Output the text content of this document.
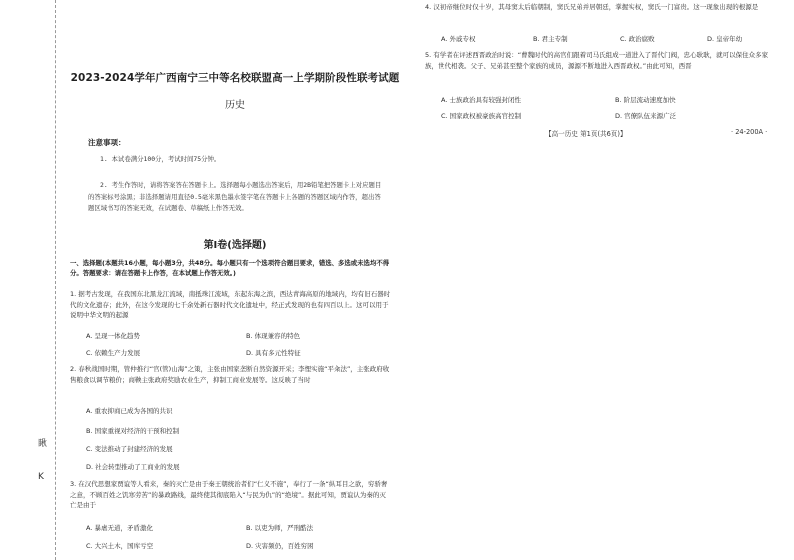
瞅
K
2023-2024学年广西南宁三中等名校联盟高一上学期阶段性联考试题
历史
注意事项：
1. 本试卷满分100分，考试时间75分钟。
2. 考生作答时，请将答案答在答题卡上。选择题每小题选出答案后，用2B铅笔把答题卡上对应题目的答案标号涂黑；非选择题请用直径0.5毫米黑色墨水签字笔在答题卡上各题的答题区域内作答，超出答题区域书写的答案无效，在试题卷、草稿纸上作答无效。
第Ⅰ卷(选择题)
一、选择题(本题共16小题，每小题3分，共48分。每小题只有一个选项符合题目要求，错选、多选或未选均不得分。答题要求：请在答题卡上作答，在本试题上作答无效。)
1. 据考古发现，在我国东北黑龙江流域，南抵珠江流域，东起东海之滨，西达青海高原的地域内，均有旧石器时代的文化遗存；此外，在这今发现的七千余处新石器时代文化遗址中，经正式发现的也有四百以上。这可以用于说明中华文明的起源
A. 呈现一体化趋势	B. 体现兼容的特色
C. 依赖生产力发展	D. 具有多元性特征
2. 春秋战国时期，管仲推行“官(管)山海”之策，主张由国家垄断自然资源开采；李悝实施“平籴法”，主张政府收售粮食以调节粮价；商鞅主张政府奖励农业生产，抑制工商业发展等。这反映了当时
A. 重农抑商已成为各国的共识
B. 国家重视对经济的干预和控制
C. 变法推动了封建经济的发展
D. 社会转型推动了工商业的发展
3. 在汉代思想家贾谊等人看来，秦的灭亡是由于秦王朝统治者们“仁义不施”，奉行了一条“纵耳目之欲，穷骄奢之意，不顾百姓之饥寒劳苦”的暴政路线，最终使其彻底陷入“与民为仇”的“绝境”。据此可知，贾谊认为秦的灭亡是由于
A. 暴虐无道，矛盾激化	B. 以吏为师，严刑酷法
C. 大兴土木，国库亏空	D. 灾害频仍，百姓穷困
4. 汉初帝继位时仅十岁，其母窦太后临朝制，窦氏兄弟并居朝廷，掌握实权，窦氏一门富贵。这一现象出现的根源是
A. 外戚专权	B. 君主专制	C. 政治腐败	D. 皇帝年幼
5. 有学者在评述西晋政治时说：“曹魏时代的高官们跟着司马氏组成一道进入了晋代门阀，忠心耿耿，就可以保住众多家族，世代相袭。父子、兄弟甚至整个家族的成员，源源不断地进入西晋政权。”由此可知，西晋
A. 士族政治具有较强封闭性	B. 阶层流动速度加快
C. 国家政权被豪族高官控制	D. 官僚队伍来源广泛
【高一历史 第1页(共6页)】	· 24-200A ·
